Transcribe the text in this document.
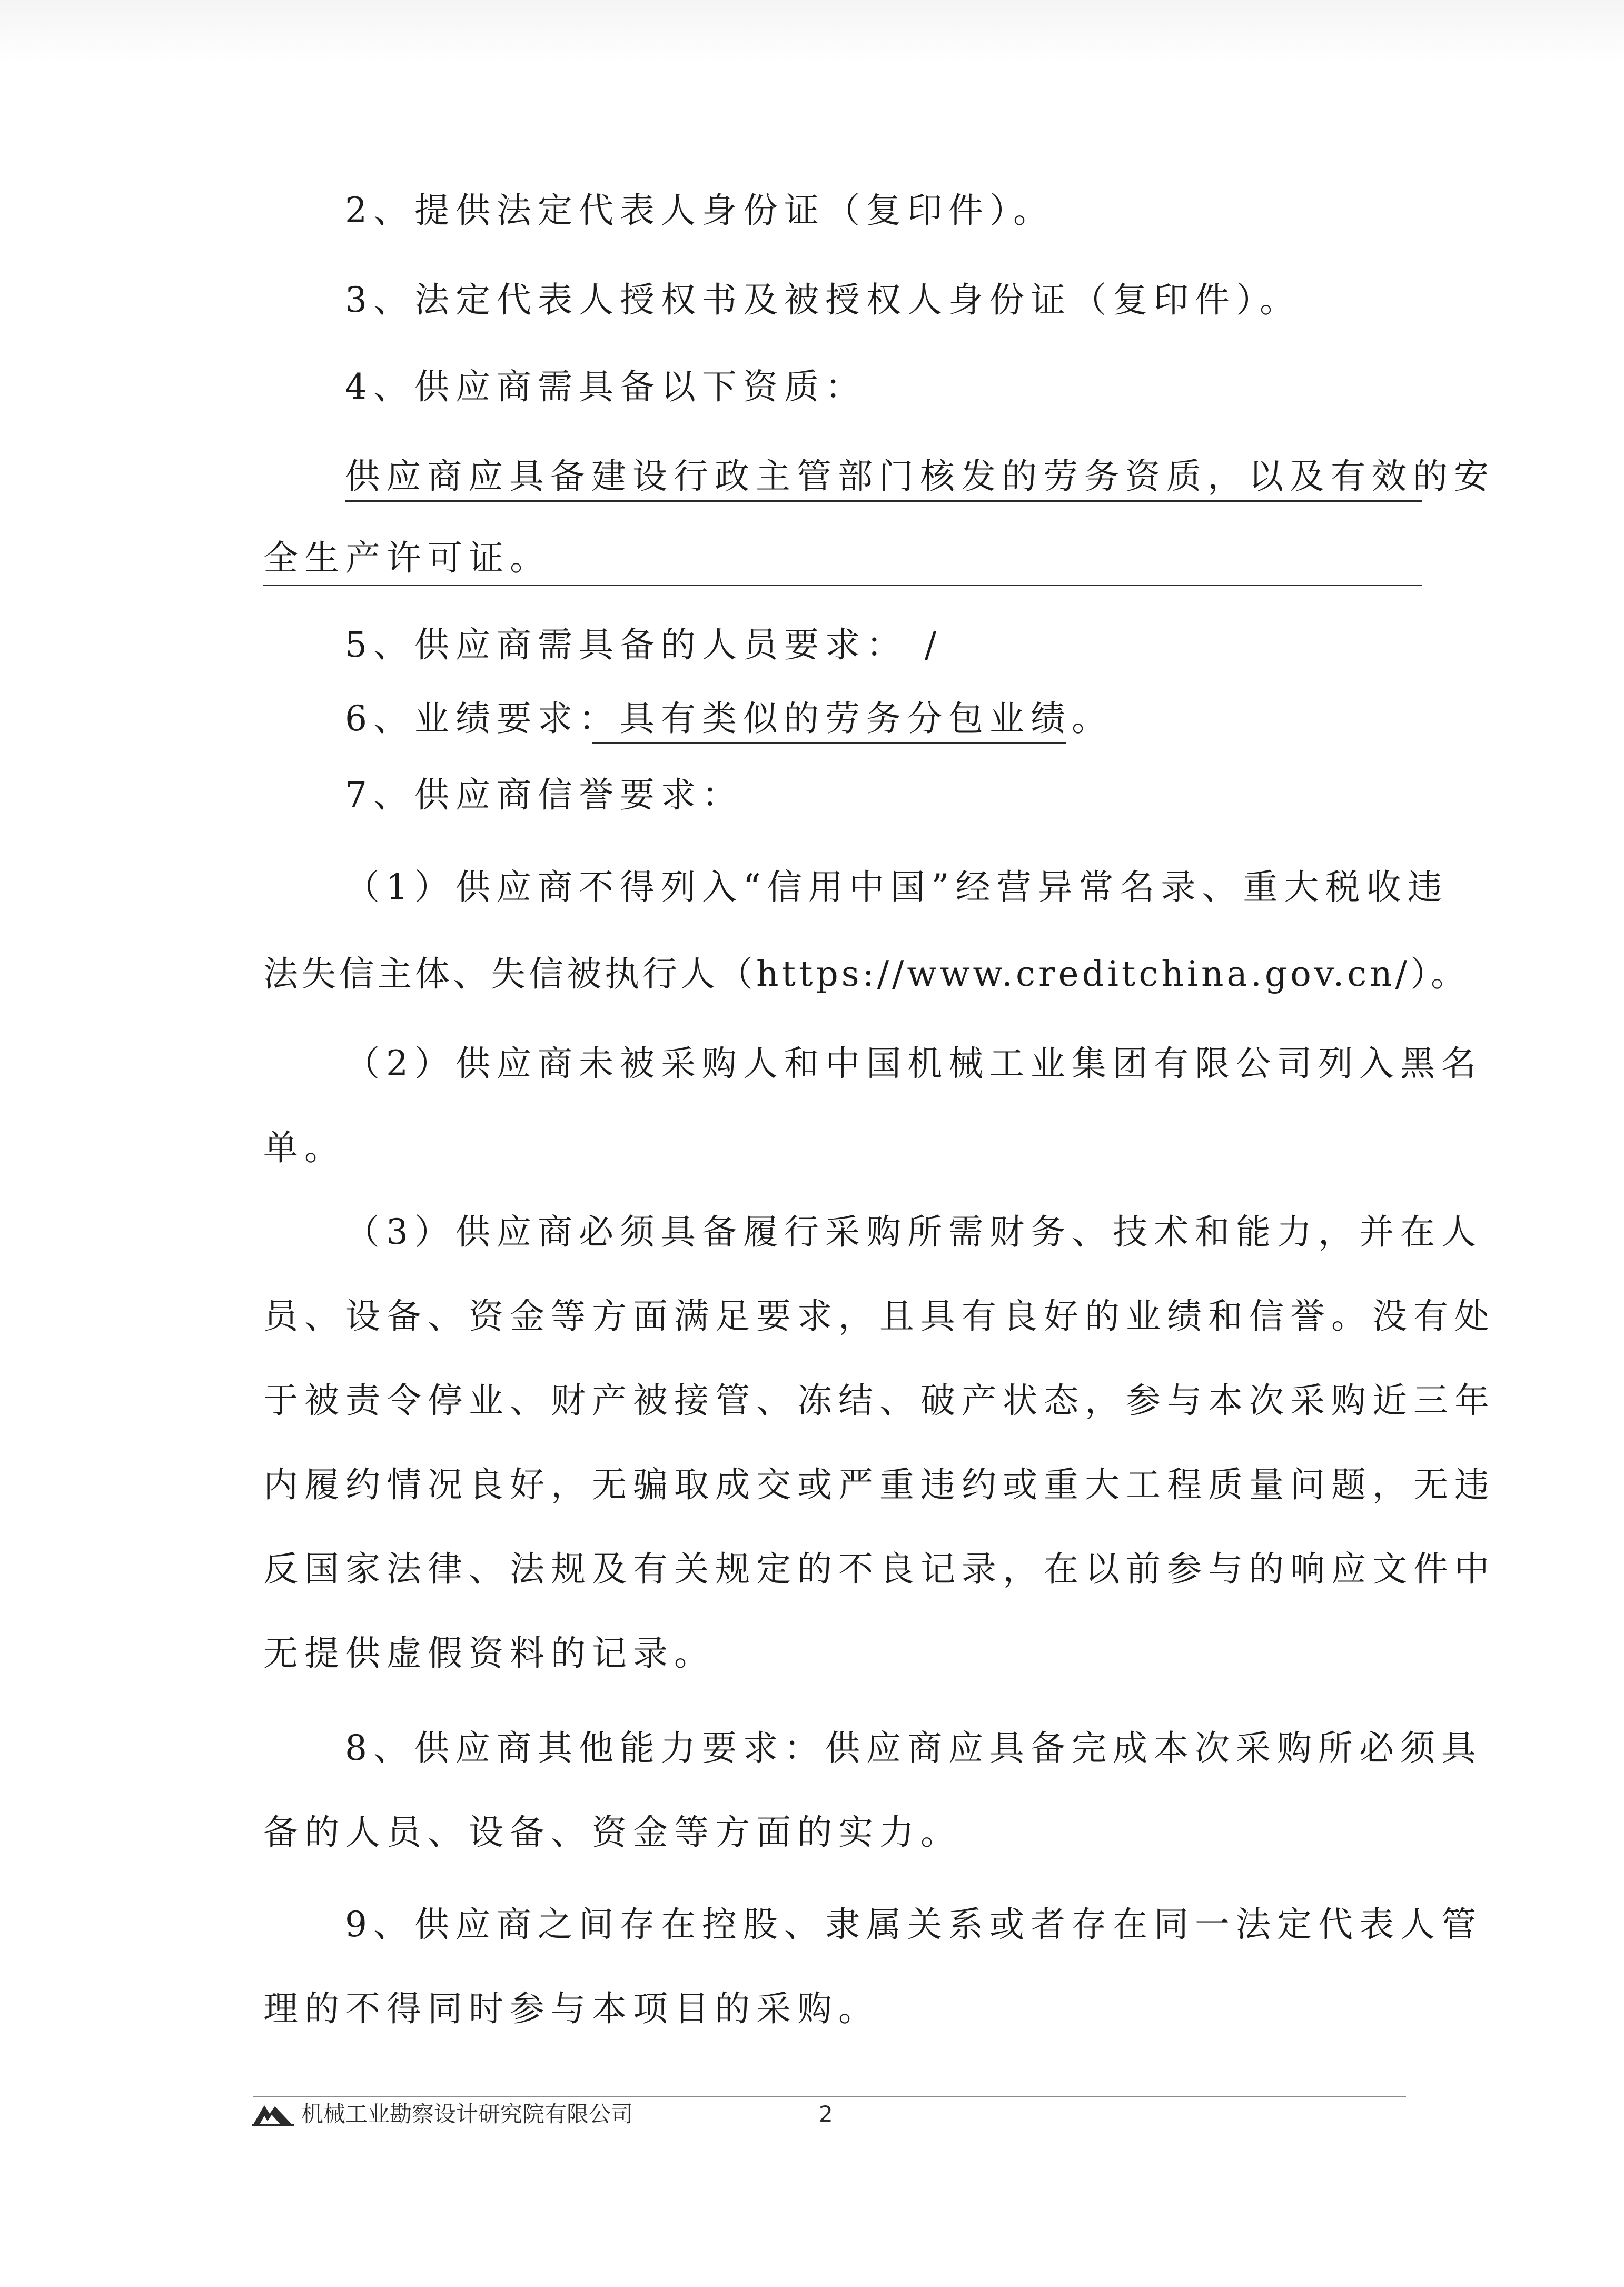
2、提供法定代表人身份证（复印件）。
3、法定代表人授权书及被授权人身份证（复印件）。
4、供应商需具备以下资质：
供应商应具备建设行政主管部门核发的劳务资质，以及有效的安
全生产许可证。
5、供应商需具备的人员要求： /
6、业绩要求：具有类似的劳务分包业绩。
7、供应商信誉要求：
（1）供应商不得列入“信用中国”经营异常名录、重大税收违
法失信主体、失信被执行人（https://www.creditchina.gov.cn/）。
（2）供应商未被采购人和中国机械工业集团有限公司列入黑名
单。
（3）供应商必须具备履行采购所需财务、技术和能力，并在人
员、设备、资金等方面满足要求，且具有良好的业绩和信誉。没有处
于被责令停业、财产被接管、冻结、破产状态，参与本次采购近三年
内履约情况良好，无骗取成交或严重违约或重大工程质量问题，无违
反国家法律、法规及有关规定的不良记录，在以前参与的响应文件中
无提供虚假资料的记录。
8、供应商其他能力要求：供应商应具备完成本次采购所必须具
备的人员、设备、资金等方面的实力。
9、供应商之间存在控股、隶属关系或者存在同一法定代表人管
理的不得同时参与本项目的采购。
机械工业勘察设计研究院有限公司	2
